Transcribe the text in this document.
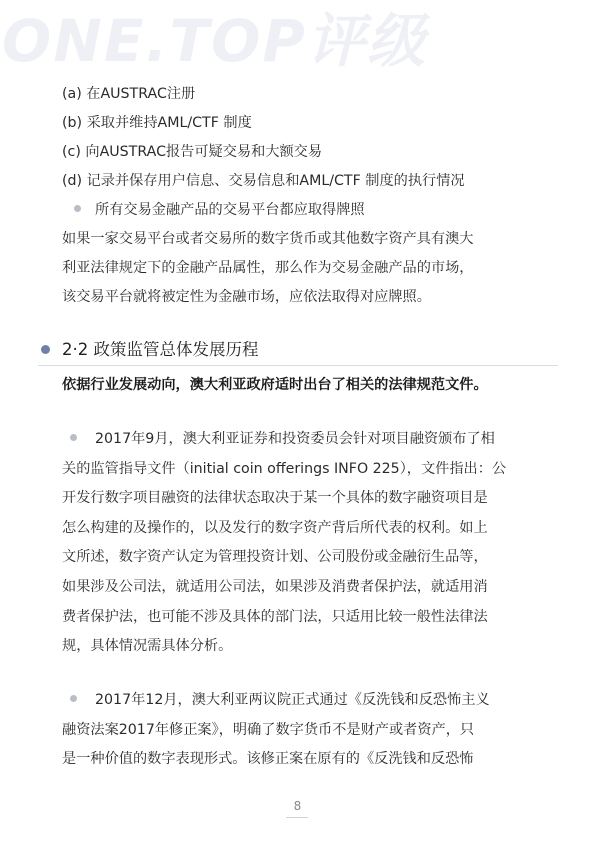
ONE.TOP评级
(a) 在AUSTRAC注册
(b) 采取并维持AML/CTF 制度
(c) 向AUSTRAC报告可疑交易和大额交易
(d) 记录并保存用户信息、交易信息和AML/CTF 制度的执行情况
所有交易金融产品的交易平台都应取得牌照
如果一家交易平台或者交易所的数字货币或其他数字资产具有澳大
利亚法律规定下的金融产品属性，那么作为交易金融产品的市场，
该交易平台就将被定性为金融市场，应依法取得对应牌照。
2·2 政策监管总体发展历程
依据行业发展动向，澳大利亚政府适时出台了相关的法律规范文件。
2017年9月，澳大利亚证券和投资委员会针对项目融资颁布了相
关的监管指导文件（initial coin offerings INFO 225），文件指出：公
开发行数字项目融资的法律状态取决于某一个具体的数字融资项目是
怎么构建的及操作的，以及发行的数字资产背后所代表的权利。如上
文所述，数字资产认定为管理投资计划、公司股份或金融衍生品等，
如果涉及公司法，就适用公司法，如果涉及消费者保护法，就适用消
费者保护法，也可能不涉及具体的部门法，只适用比较一般性法律法
规，具体情况需具体分析。
2017年12月，澳大利亚两议院正式通过《反洗钱和反恐怖主义
融资法案2017年修正案》，明确了数字货币不是财产或者资产，只
是一种价值的数字表现形式。该修正案在原有的《反洗钱和反恐怖
8
